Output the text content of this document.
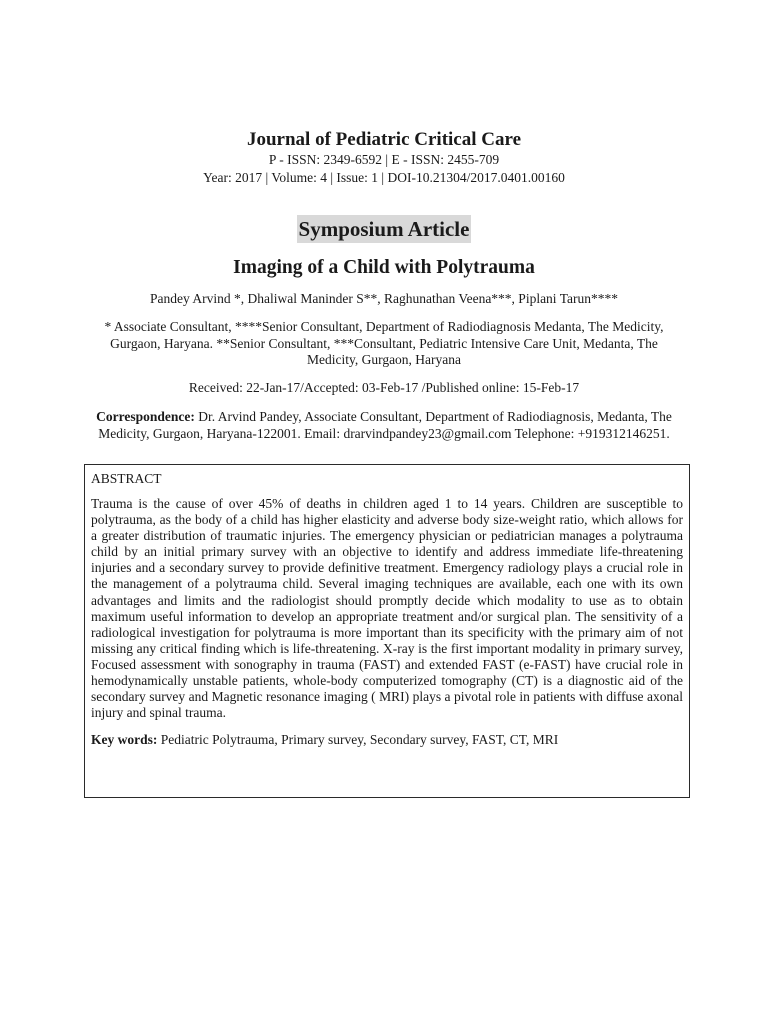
Journal of Pediatric Critical Care
P - ISSN: 2349-6592 | E - ISSN: 2455-709
Year: 2017 | Volume: 4 | Issue: 1 | DOI-10.21304/2017.0401.00160
Symposium Article
Imaging of a Child with Polytrauma
Pandey Arvind *, Dhaliwal Maninder S**, Raghunathan Veena***, Piplani Tarun****
* Associate Consultant, ****Senior Consultant, Department of Radiodiagnosis Medanta, The Medicity, Gurgaon, Haryana. **Senior Consultant, ***Consultant, Pediatric Intensive Care Unit, Medanta, The Medicity, Gurgaon, Haryana
Received: 22-Jan-17/Accepted: 03-Feb-17 /Published online: 15-Feb-17
Correspondence: Dr. Arvind Pandey, Associate Consultant, Department of Radiodiagnosis, Medanta, The Medicity, Gurgaon, Haryana-122001. Email: drarvindpandey23@gmail.com Telephone: +919312146251.
ABSTRACT

Trauma is the cause of over 45% of deaths in children aged 1 to 14 years. Children are susceptible to polytrauma, as the body of a child has higher elasticity and adverse body size-weight ratio, which allows for a greater distribution of traumatic injuries. The emergency physician or pediatrician manages a polytrauma child by an initial primary survey with an objective to identify and address immediate life-threatening injuries and a secondary survey to provide definitive treatment. Emergency radiology plays a crucial role in the management of a polytrauma child. Several imaging techniques are available, each one with its own advantages and limits and the radiologist should promptly decide which modality to use as to obtain maximum useful information to develop an appropriate treatment and/or surgical plan. The sensitivity of a radiological investigation for polytrauma is more important than its specificity with the primary aim of not missing any critical finding which is life-threatening. X-ray is the first important modality in primary survey, Focused assessment with sonography in trauma (FAST) and extended FAST (e-FAST) have crucial role in hemodynamically unstable patients, whole-body computerized tomography (CT) is a diagnostic aid of the secondary survey and Magnetic resonance imaging ( MRI) plays a pivotal role in patients with diffuse axonal injury and spinal trauma.

Key words: Pediatric Polytrauma, Primary survey, Secondary survey, FAST, CT, MRI
